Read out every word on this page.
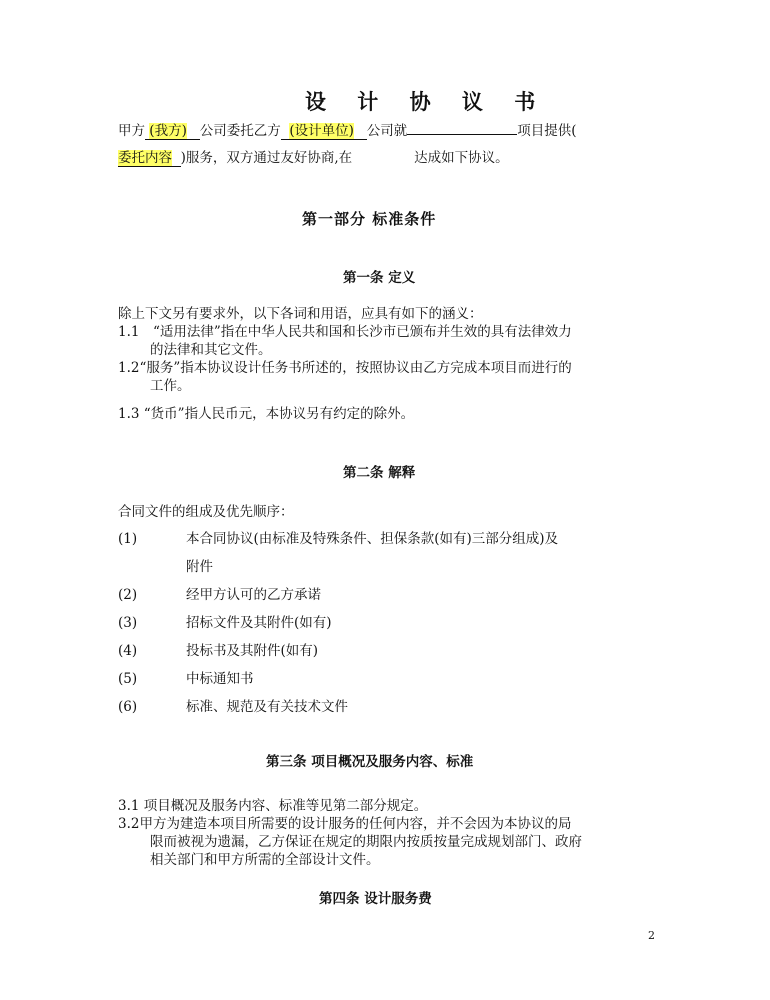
设 计 协 议 书
甲方 (我方) 公司委托乙方 (设计单位) 公司就	项目提供(
委托内容 )服务，双方通过友好协商,在	达成如下协议。
第一部分 标准条件
第一条 定义
除上下文另有要求外，以下各词和用语，应具有如下的涵义：
1.1　“适用法律”指在中华人民共和国和长沙市已颁布并生效的具有法律效力
的法律和其它文件。
1.2“服务”指本协议设计任务书所述的，按照协议由乙方完成本项目而进行的
工作。
1.3 “货币”指人民币元，本协议另有约定的除外。
第二条 解释
合同文件的组成及优先顺序：
(1)	本合同协议(由标准及特殊条件、担保条款(如有)三部分组成)及
附件
(2)	经甲方认可的乙方承诺
(3)	招标文件及其附件(如有)
(4)	投标书及其附件(如有)
(5)	中标通知书
(6)	标准、规范及有关技术文件
第三条 项目概况及服务内容、标准
3.1 项目概况及服务内容、标准等见第二部分规定。
3.2甲方为建造本项目所需要的设计服务的任何内容，并不会因为本协议的局
限而被视为遗漏，乙方保证在规定的期限内按质按量完成规划部门、政府
相关部门和甲方所需的全部设计文件。
第四条 设计服务费
2
